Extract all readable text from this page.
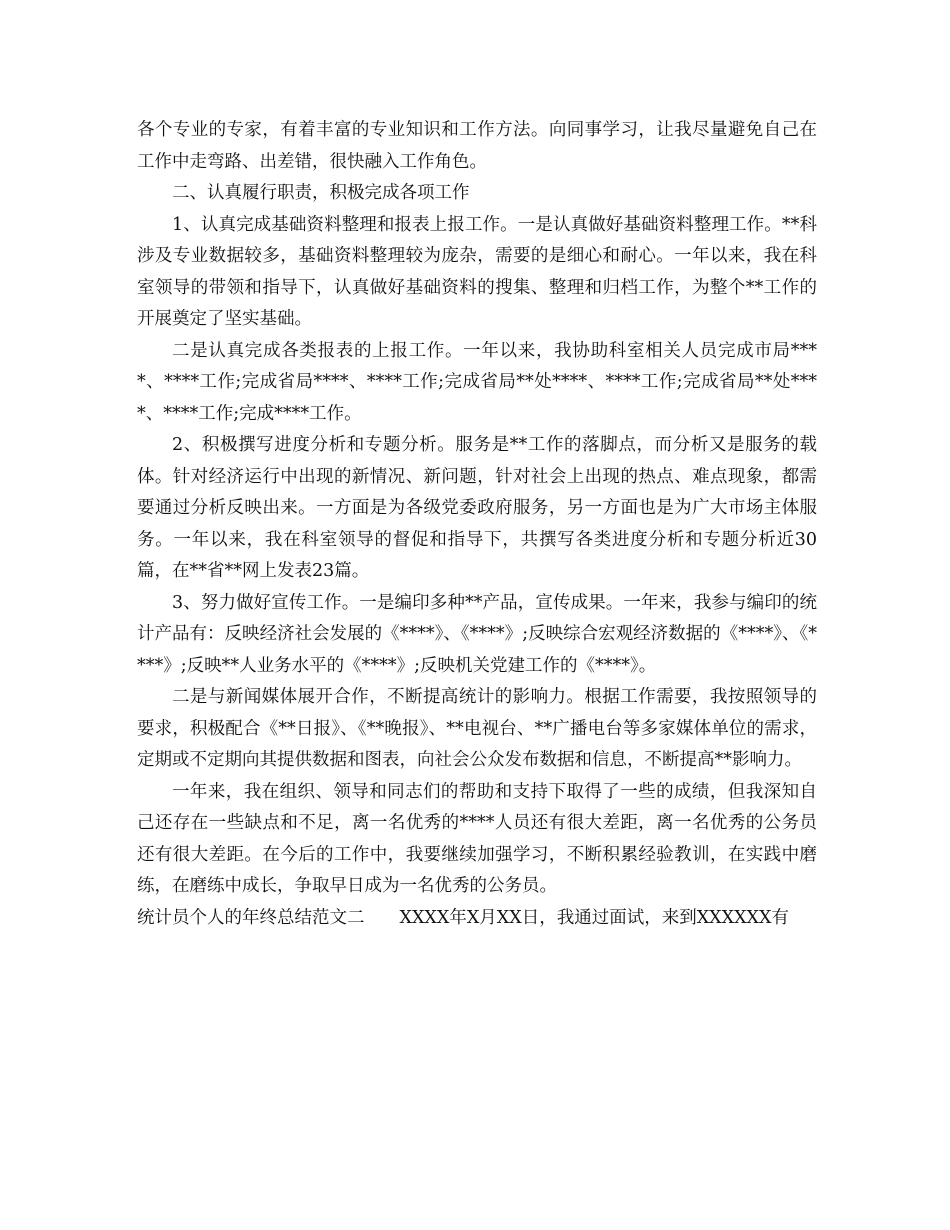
各个专业的专家，有着丰富的专业知识和工作方法。向同事学习，让我尽量避免自己在工作中走弯路、出差错，很快融入工作角色。

二、认真履行职责，积极完成各项工作

1、认真完成基础资料整理和报表上报工作。一是认真做好基础资料整理工作。**科涉及专业数据较多，基础资料整理较为庞杂，需要的是细心和耐心。一年以来，我在科室领导的带领和指导下，认真做好基础资料的搜集、整理和归档工作，为整个**工作的开展奠定了坚实基础。

二是认真完成各类报表的上报工作。一年以来，我协助科室相关人员完成市局****、****工作;完成省局****、****工作;完成省局**处****、****工作;完成省局**处****、****工作;完成****工作。

2、积极撰写进度分析和专题分析。服务是**工作的落脚点，而分析又是服务的载体。针对经济运行中出现的新情况、新问题，针对社会上出现的热点、难点现象，都需要通过分析反映出来。一方面是为各级党委政府服务，另一方面也是为广大市场主体服务。一年以来，我在科室领导的督促和指导下，共撰写各类进度分析和专题分析近30篇，在**省**网上发表23篇。

3、努力做好宣传工作。一是编印多种**产品，宣传成果。一年来，我参与编印的统计产品有：反映经济社会发展的《****》、《****》;反映综合宏观经济数据的《****》、《****》;反映**人业务水平的《****》;反映机关党建工作的《****》。

二是与新闻媒体展开合作，不断提高统计的影响力。根据工作需要，我按照领导的要求，积极配合《**日报》、《**晚报》、**电视台、**广播电台等多家媒体单位的需求，定期或不定期向其提供数据和图表，向社会公众发布数据和信息，不断提高**影响力。

一年来，我在组织、领导和同志们的帮助和支持下取得了一些的成绩，但我深知自己还存在一些缺点和不足，离一名优秀的****人员还有很大差距，离一名优秀的公务员还有很大差距。在今后的工作中，我要继续加强学习，不断积累经验教训，在实践中磨练，在磨练中成长，争取早日成为一名优秀的公务员。

统计员个人的年终总结范文二　　XXXX年X月XX日，我通过面试，来到XXXXXX有
